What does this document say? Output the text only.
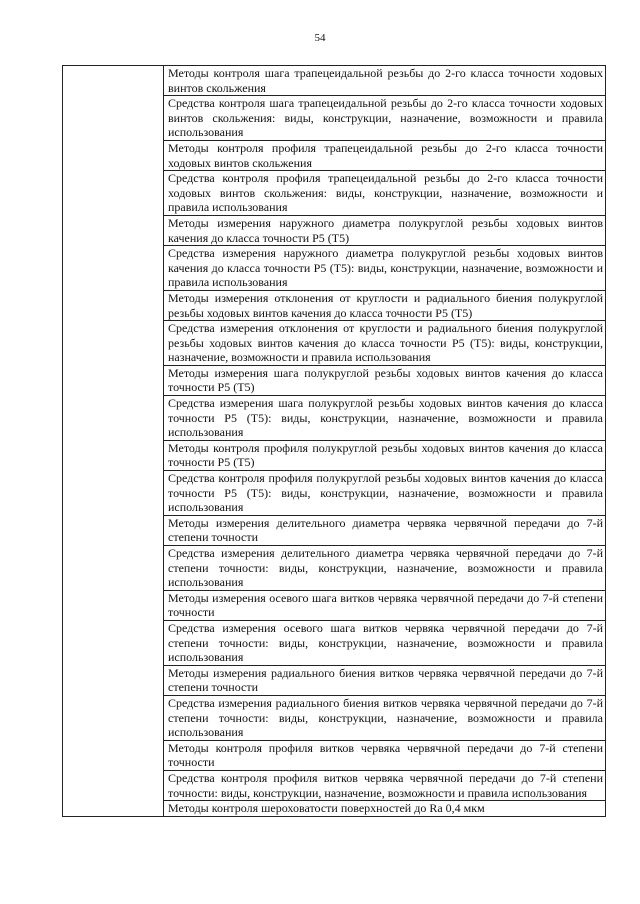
54
	Методы контроля шага трапецеидальной резьбы до 2-го класса точности ходовых винтов скольжения
Средства контроля шага трапецеидальной резьбы до 2-го класса точности ходовых винтов скольжения: виды, конструкции, назначение, возможности и правила использования
Методы контроля профиля трапецеидальной резьбы до 2-го класса точности ходовых винтов скольжения
Средства контроля профиля трапецеидальной резьбы до 2-го класса точности ходовых винтов скольжения: виды, конструкции, назначение, возможности и правила использования
Методы измерения наружного диаметра полукруглой резьбы ходовых винтов качения до класса точности P5 (T5)
Средства измерения наружного диаметра полукруглой резьбы ходовых винтов качения до класса точности P5 (T5): виды, конструкции, назначение, возможности и правила использования
Методы измерения отклонения от круглости и радиального биения полукруглой резьбы ходовых винтов качения до класса точности P5 (T5)
Средства измерения отклонения от круглости и радиального биения полукруглой резьбы ходовых винтов качения до класса точности P5 (T5): виды, конструкции, назначение, возможности и правила использования
Методы измерения шага полукруглой резьбы ходовых винтов качения до класса точности P5 (T5)
Средства измерения шага полукруглой резьбы ходовых винтов качения до класса точности P5 (T5): виды, конструкции, назначение, возможности и правила использования
Методы контроля профиля полукруглой резьбы ходовых винтов качения до класса точности P5 (T5)
Средства контроля профиля полукруглой резьбы ходовых винтов качения до класса точности P5 (T5): виды, конструкции, назначение, возможности и правила использования
Методы измерения делительного диаметра червяка червячной передачи до 7-й степени точности
Средства измерения делительного диаметра червяка червячной передачи до 7-й степени точности: виды, конструкции, назначение, возможности и правила использования
Методы измерения осевого шага витков червяка червячной передачи до 7-й степени точности
Средства измерения осевого шага витков червяка червячной передачи до 7-й степени точности: виды, конструкции, назначение, возможности и правила использования
Методы измерения радиального биения витков червяка червячной передачи до 7-й степени точности
Средства измерения радиального биения витков червяка червячной передачи до 7-й степени точности: виды, конструкции, назначение, возможности и правила использования
Методы контроля профиля витков червяка червячной передачи до 7-й степени точности
Средства контроля профиля витков червяка червячной передачи до 7-й степени точности: виды, конструкции, назначение, возможности и правила использования
Методы контроля шероховатости поверхностей до Ra 0,4 мкм
